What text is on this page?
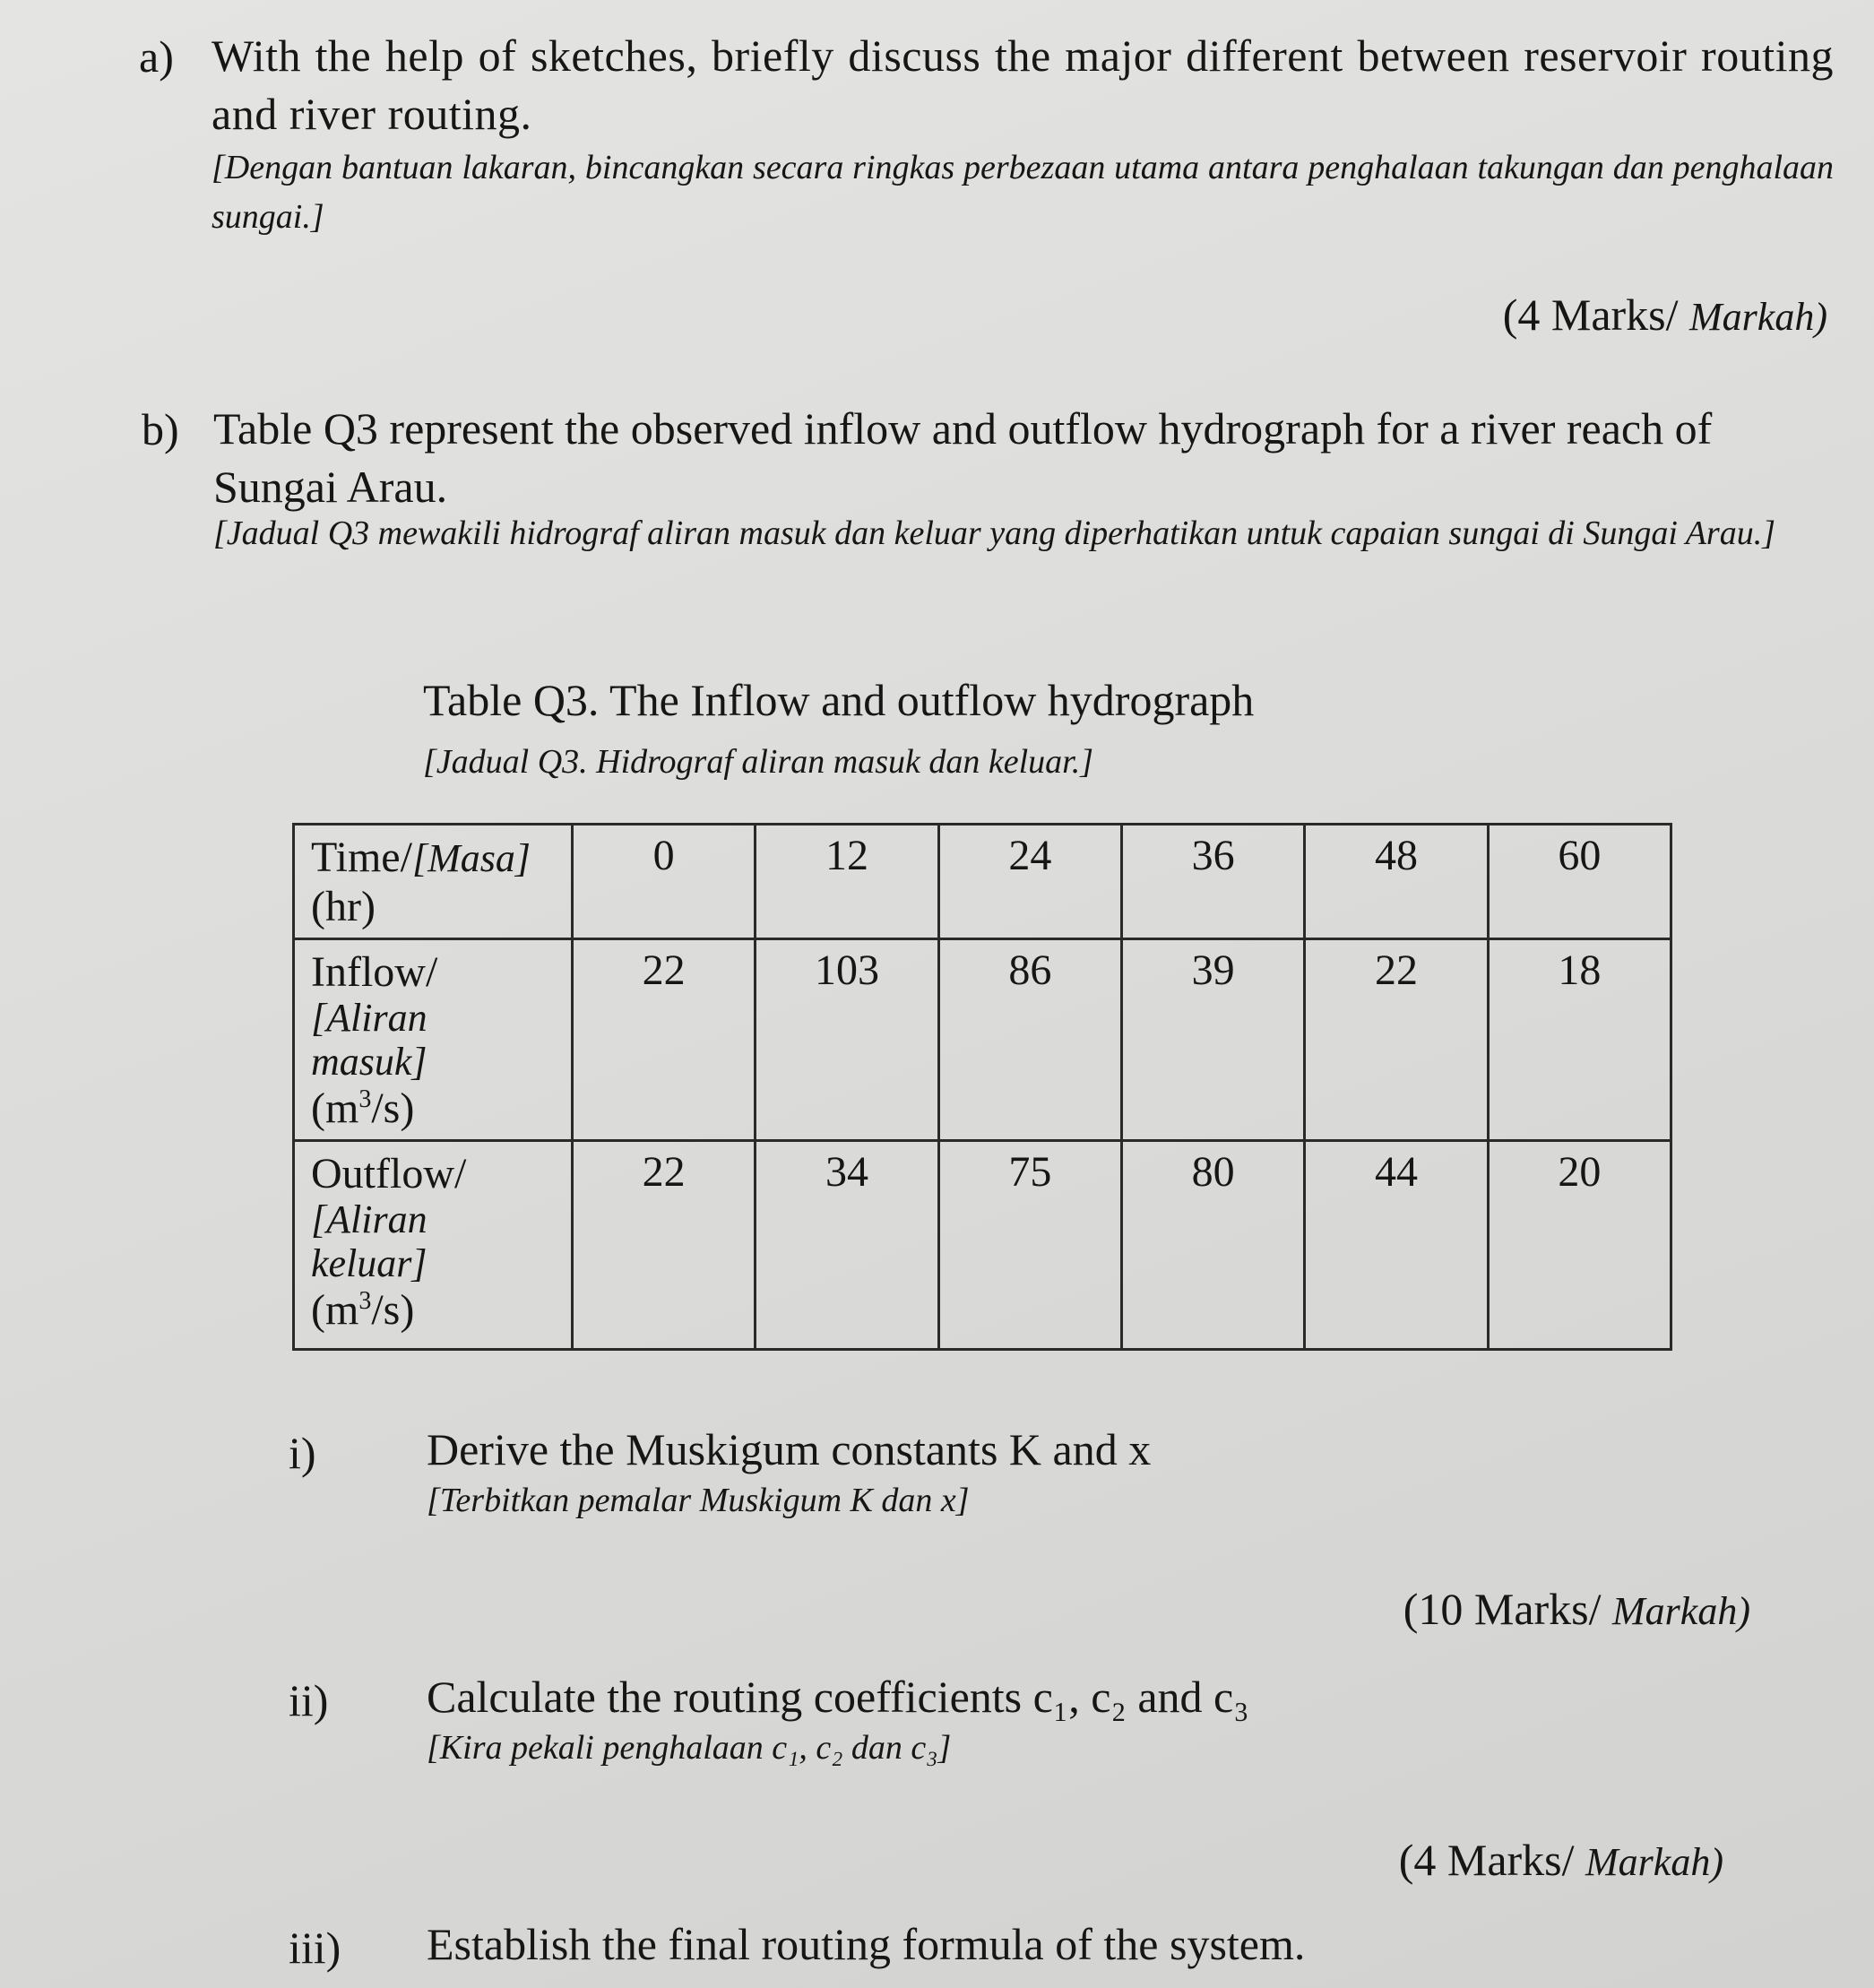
a) With the help of sketches, briefly discuss the major different between reservoir routing and river routing.
[Dengan bantuan lakaran, bincangkan secara ringkas perbezaan utama antara penghalaan takungan dan penghalaan sungai.]
(4 Marks/ Markah)
b) Table Q3 represent the observed inflow and outflow hydrograph for a river reach of Sungai Arau.
[Jadual Q3 mewakili hidrograf aliran masuk dan keluar yang diperhatikan untuk capaian sungai di Sungai Arau.]
Table Q3. The Inflow and outflow hydrograph
[Jadual Q3. Hidrograf aliran masuk dan keluar.]
Time/[Masa]
(hr)	0	12	24	36	48	60

Inflow/
[Aliran
masuk]
$(m^3/s)$	22	103	86	39	22	18

Outflow/
[Aliran
keluar]
$(m^3/s)$	22	34	75	80	44	20
i) Derive the Muskigum constants K and x
[Terbitkan pemalar Muskigum K dan x]
(10 Marks/ Markah)
ii) Calculate the routing coefficients c₁, c₂ and c₃
[Kira pekali penghalaan c₁, c₂ dan c₃]
(4 Marks/ Markah)
iii) Establish the final routing formula of the system.
